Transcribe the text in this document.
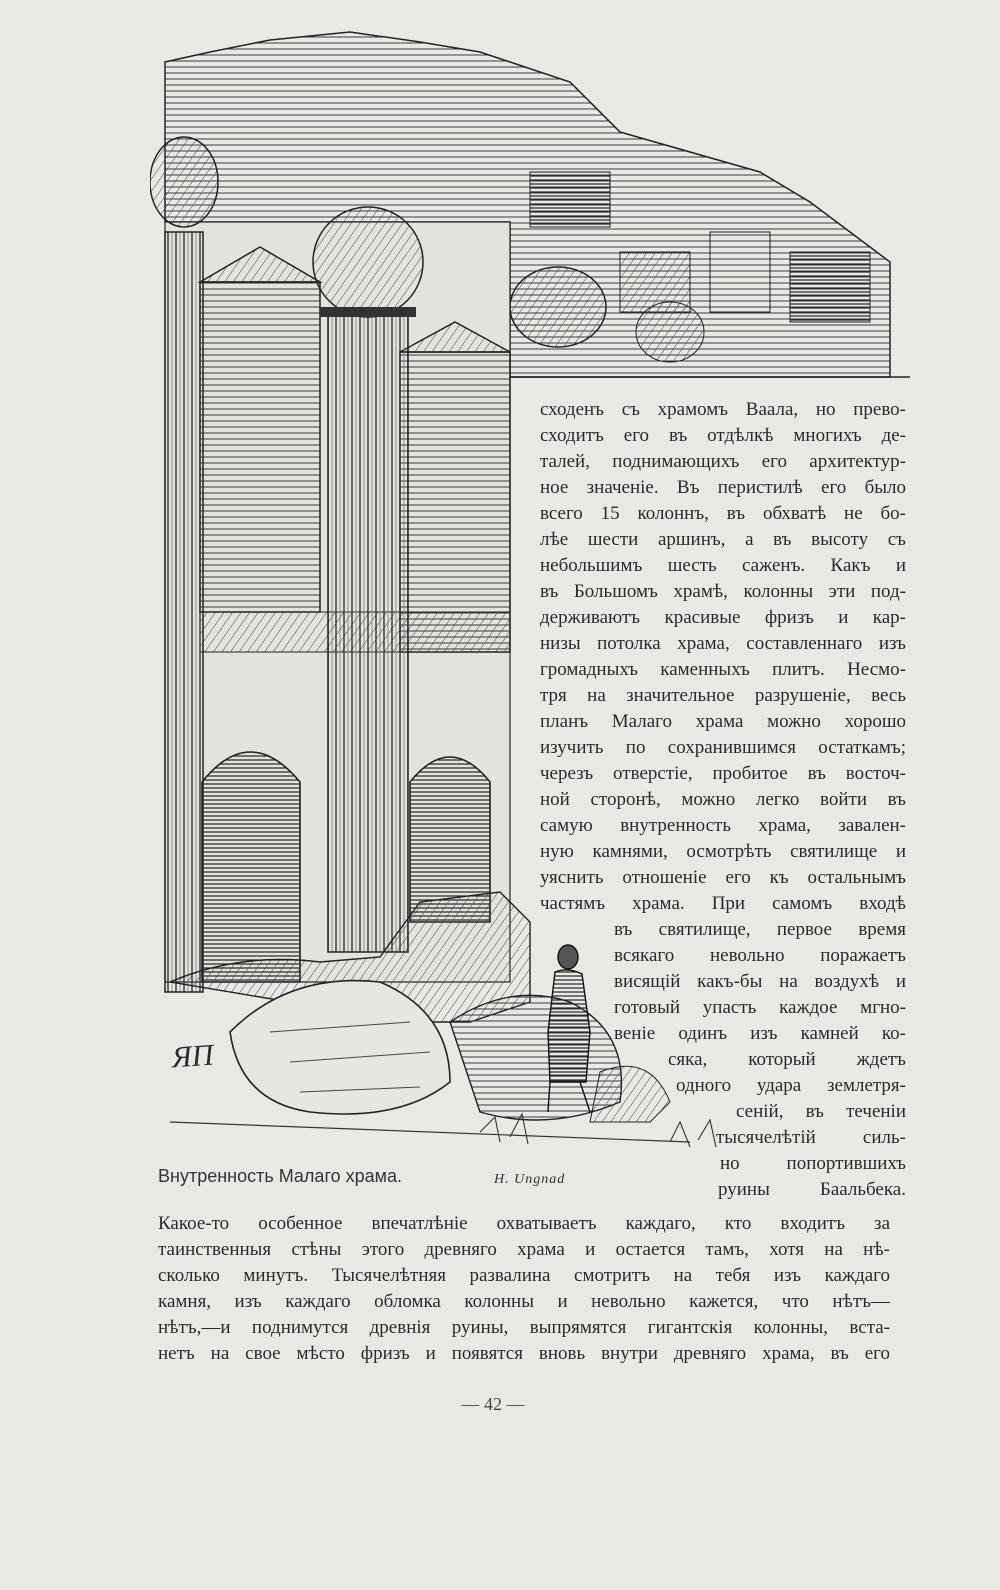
ЯП
H. Ungnad
сходенъ съ храмомъ Ваала, но прево-
сходитъ его въ отдѣлкѣ многихъ де-
талей, поднимающихъ его архитектур-
ное значеніе. Въ перистилѣ его было
всего 15 колоннъ, въ обхватѣ не бо-
лѣе шести аршинъ, а въ высоту съ
небольшимъ шесть саженъ. Какъ и
въ Большомъ храмѣ, колонны эти под-
держиваютъ красивые фризъ и кар-
низы потолка храма, составленнаго изъ
громадныхъ каменныхъ плитъ. Несмо-
тря на значительное разрушеніе, весь
планъ Малаго храма можно хорошо
изучить по сохранившимся остаткамъ;
черезъ отверстіе, пробитое въ восточ-
ной сторонѣ, можно легко войти въ
самую внутренность храма, завален-
ную камнями, осмотрѣть святилище и
уяснить отношеніе его къ остальнымъ
частямъ храма. При самомъ входѣ
въ святилище, первое время
всякаго невольно поражаетъ
висящій какъ-бы на воздухѣ и
готовый упасть каждое мгно-
веніе одинъ изъ камней ко-
сяка, который ждетъ
одного удара землетря-
сеній, въ теченіи
тысячелѣтій силь-
но попортившихъ
руины Баальбека.
Внутренность Малаго храма.
Какое-то особенное впечатлѣніе охватываетъ каждаго, кто входитъ за
таинственныя стѣны этого древняго храма и остается тамъ, хотя на нѣ-
сколько минутъ. Тысячелѣтняя развалина смотритъ на тебя изъ каждаго
камня, изъ каждаго обломка колонны и невольно кажется, что нѣтъ—
нѣтъ,—и поднимутся древнія руины, выпрямятся гигантскія колонны, вста-
нетъ на свое мѣсто фризъ и появятся вновь внутри древняго храма, въ его
— 42 —
